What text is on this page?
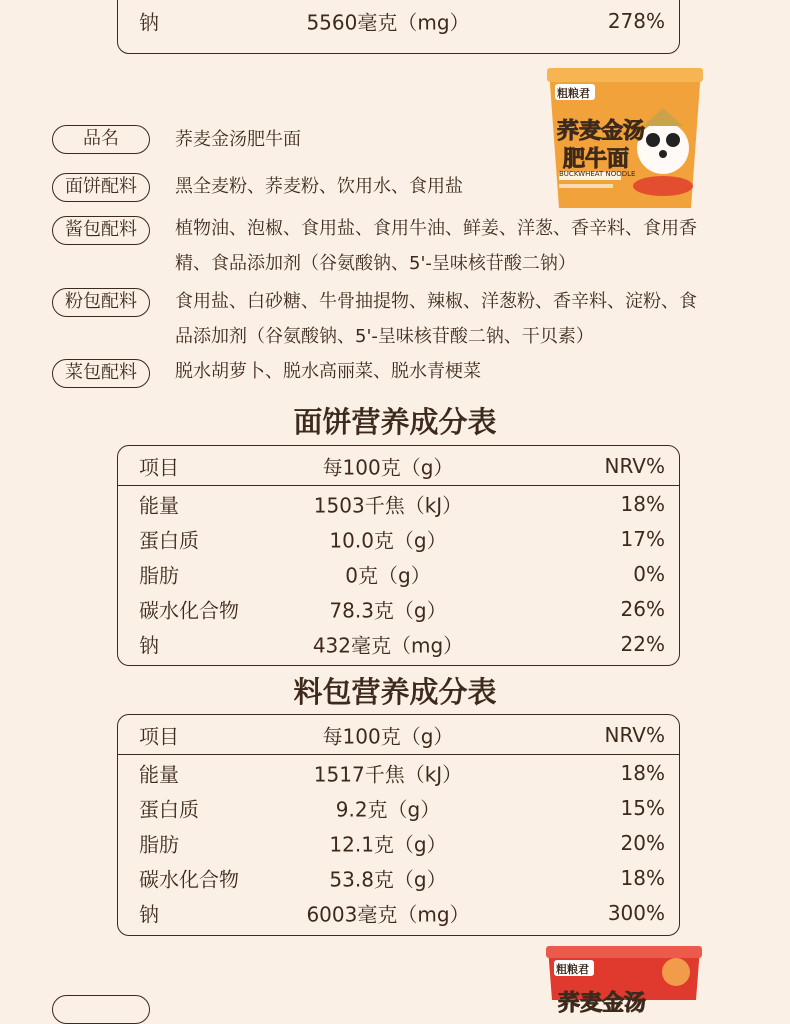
钠	5560毫克（mg）	278%
粗粮君
荞麦金汤
肥牛面
BUCKWHEAT NOODLE
品名	荞麦金汤肥牛面
面饼配料	黑全麦粉、荞麦粉、饮用水、食用盐
酱包配料	植物油、泡椒、食用盐、食用牛油、鲜姜、洋葱、香辛料、食用香精、食品添加剂（谷氨酸钠、5'-呈味核苷酸二钠）
粉包配料	食用盐、白砂糖、牛骨抽提物、辣椒、洋葱粉、香辛料、淀粉、食品添加剂（谷氨酸钠、5'-呈味核苷酸二钠、干贝素）
菜包配料	脱水胡萝卜、脱水高丽菜、脱水青梗菜
面饼营养成分表
项目	每100克（g）	NRV%
能量	1503千焦（kJ）	18%
蛋白质	10.0克（g）	17%
脂肪	0克（g）	0%
碳水化合物	78.3克（g）	26%
钠	432毫克（mg）	22%
料包营养成分表
项目	每100克（g）	NRV%
能量	1517千焦（kJ）	18%
蛋白质	9.2克（g）	15%
脂肪	12.1克（g）	20%
碳水化合物	53.8克（g）	18%
钠	6003毫克（mg）	300%
粗粮君
荞麦金汤
